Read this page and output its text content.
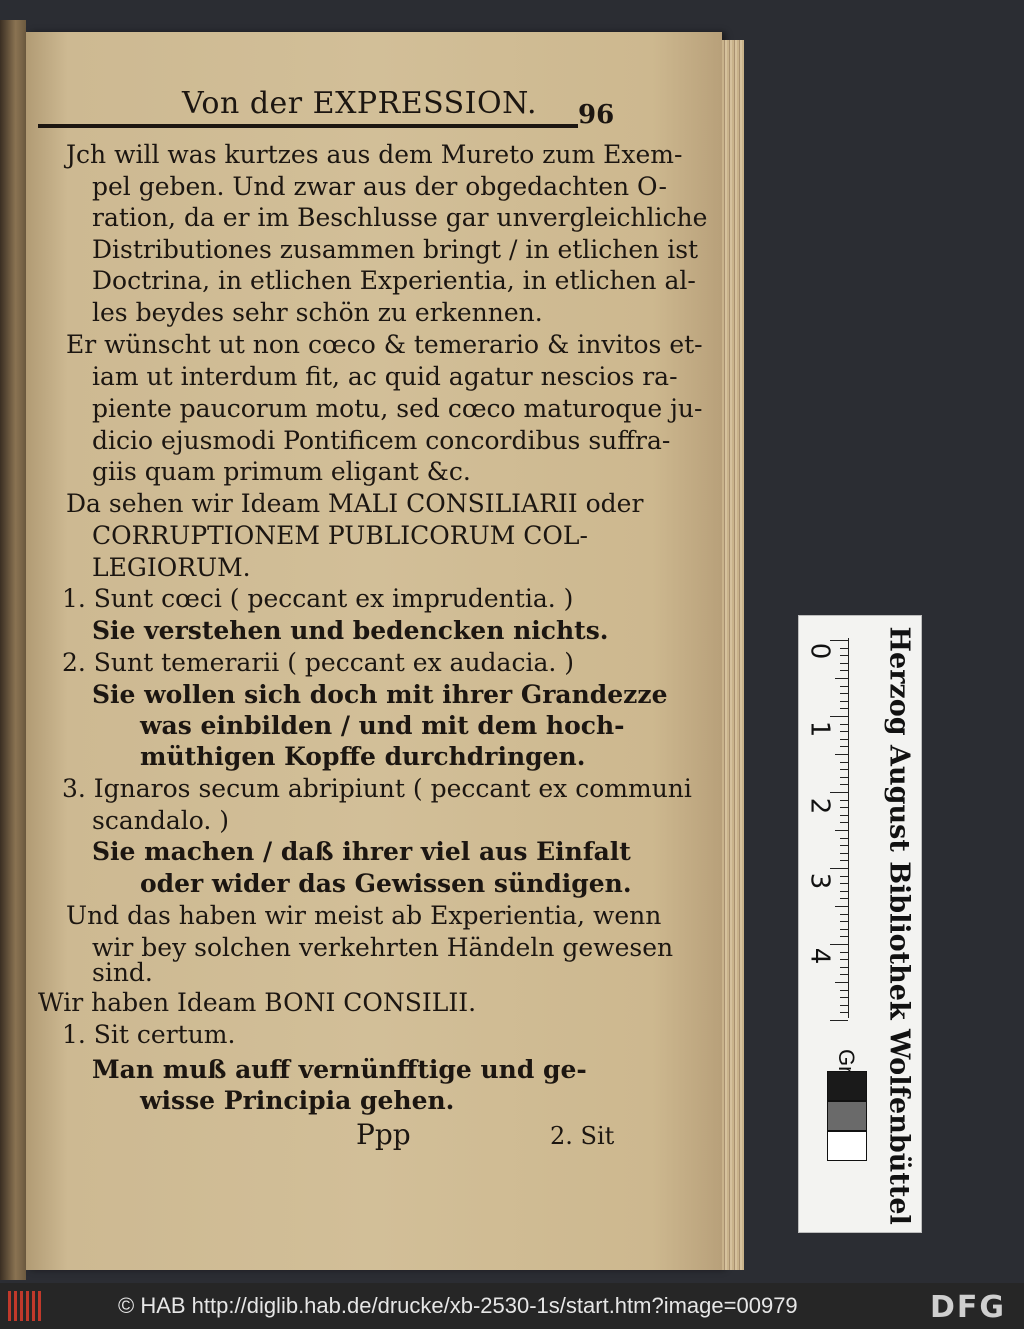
Von der EXPRESSION. 96
Jch will was kurtzes aus dem Mureto zum Exem-
pel geben. Und zwar aus der obgedachten O-
ration, da er im Beschlusse gar unvergleichliche
Distributiones zusammen bringt / in etlichen ist
Doctrina, in etlichen Experientia, in etlichen al-
les beydes sehr schön zu erkennen.
Er wünscht ut non cœco & temerario & invitos et-
iam ut interdum fit, ac quid agatur nescios ra-
piente paucorum motu, sed cœco maturoque ju-
dicio ejusmodi Pontificem concordibus suffra-
giis quam primum eligant &c.
Da sehen wir Ideam MALI CONSILIARII oder
CORRUPTIONEM PUBLICORUM COL-
LEGIORUM.
1. Sunt cœci ( peccant ex imprudentia. )
Sie verstehen und bedencken nichts.
2. Sunt temerarii ( peccant ex audacia. )
Sie wollen sich doch mit ihrer Grandezze
was einbilden / und mit dem hoch-
müthigen Kopffe durchdringen.
3. Ignaros secum abripiunt ( peccant ex communi
scandalo. )
Sie machen / daß ihrer viel aus Einfalt
oder wider das Gewissen sündigen.
Und das haben wir meist ab Experientia, wenn
wir bey solchen verkehrten Händeln gewesen
sind.
Wir haben Ideam BONI CONSILII.
1. Sit certum.
Man muß auff vernünfftige und ge-
wisse Principia gehen.
Ppp	2. Sit
0
1
2
3
4 Herzog August Bibliothek Wolfenbüttel
© HAB http://diglib.hab.de/drucke/xb-2530-1s/start.htm?image=00979	DFG
